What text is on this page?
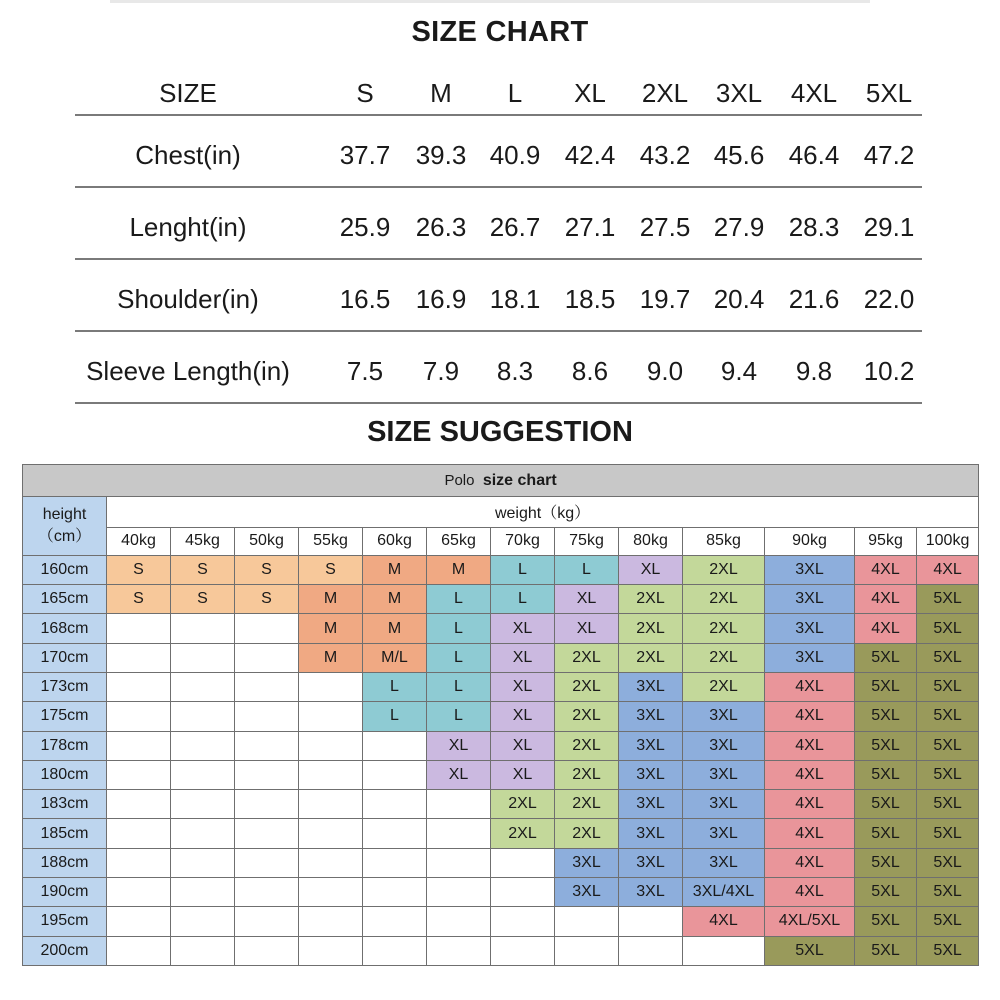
SIZE CHART
SIZE	S	M	L	XL	2XL	3XL	4XL	5XL
Chest(in)	37.7 39.3 40.9 42.4 43.2 45.6 46.4 47.2
Lenght(in)	25.9 26.3 26.7 27.1 27.5 27.9 28.3 29.1
Shoulder(in)	16.5 16.9 18.1 18.5 19.7 20.4 21.6 22.0
Sleeve Length(in)	7.5	7.9	8.3	8.6	9.0	9.4	9.8	10.2
SIZE SUGGESTION
Polo size chart													

height
（cm）	weight（kg）												
	40kg	45kg	50kg	55kg	60kg	65kg	70kg	75kg	80kg	85kg	90kg	95kg	100kg
160cm	S	S	S	S	M	M	L	L	XL	2XL	3XL	4XL	4XL
165cm	S	S	S	M	M	L	L	XL	2XL	2XL	3XL	4XL	5XL
168cm				M	M	L	XL	XL	2XL	2XL	3XL	4XL	5XL
170cm				M	M/L	L	XL	2XL	2XL	2XL	3XL	5XL	5XL
173cm					L	L	XL	2XL	3XL	2XL	4XL	5XL	5XL
175cm					L	L	XL	2XL	3XL	3XL	4XL	5XL	5XL
178cm						XL	XL	2XL	3XL	3XL	4XL	5XL	5XL
180cm						XL	XL	2XL	3XL	3XL	4XL	5XL	5XL
183cm							2XL	2XL	3XL	3XL	4XL	5XL	5XL
185cm							2XL	2XL	3XL	3XL	4XL	5XL	5XL
188cm								3XL	3XL	3XL	4XL	5XL	5XL
190cm								3XL	3XL	3XL/4XL	4XL	5XL	5XL
195cm										4XL	4XL/5XL	5XL	5XL
200cm											5XL	5XL	5XL
